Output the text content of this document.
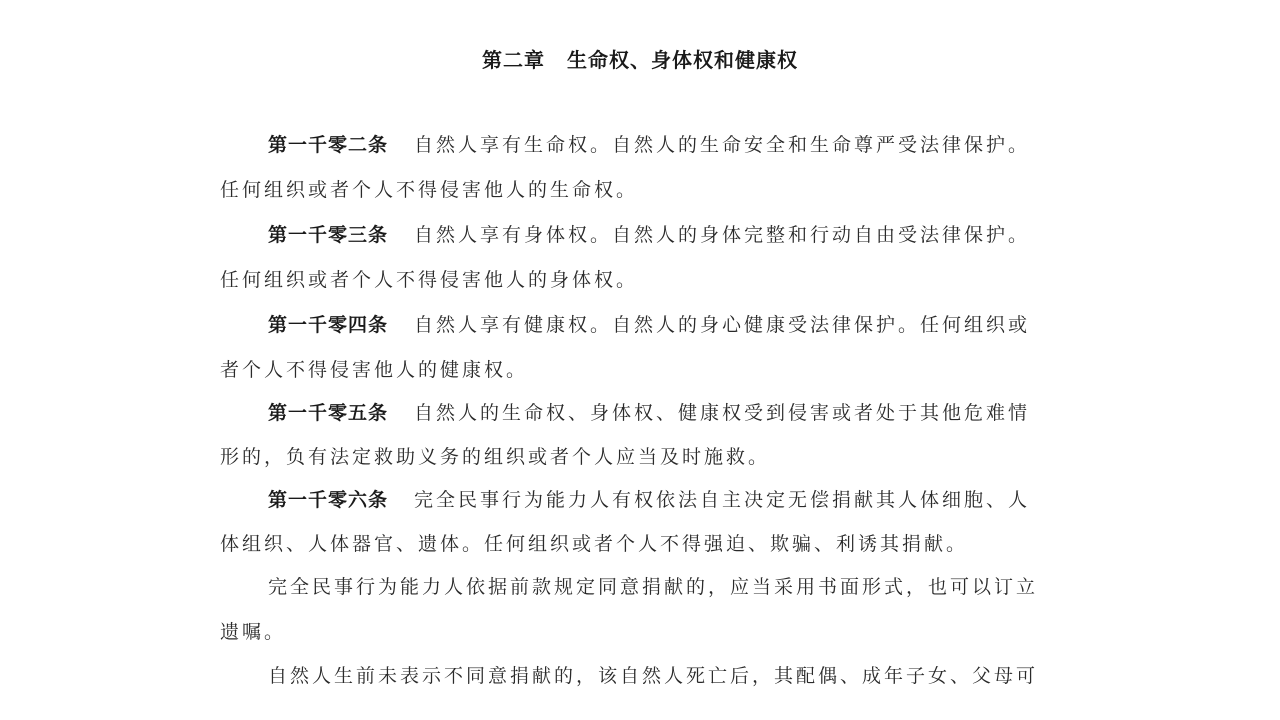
第二章 生命权、身体权和健康权
第一千零二条 自然人享有生命权。自然人的生命安全和生命尊严受法律保护。
任何组织或者个人不得侵害他人的生命权。
第一千零三条 自然人享有身体权。自然人的身体完整和行动自由受法律保护。
任何组织或者个人不得侵害他人的身体权。
第一千零四条 自然人享有健康权。自然人的身心健康受法律保护。任何组织或
者个人不得侵害他人的健康权。
第一千零五条 自然人的生命权、身体权、健康权受到侵害或者处于其他危难情
形的，负有法定救助义务的组织或者个人应当及时施救。
第一千零六条 完全民事行为能力人有权依法自主决定无偿捐献其人体细胞、人
体组织、人体器官、遗体。任何组织或者个人不得强迫、欺骗、利诱其捐献。
完全民事行为能力人依据前款规定同意捐献的，应当采用书面形式，也可以订立
遗嘱。
自然人生前未表示不同意捐献的，该自然人死亡后，其配偶、成年子女、父母可
